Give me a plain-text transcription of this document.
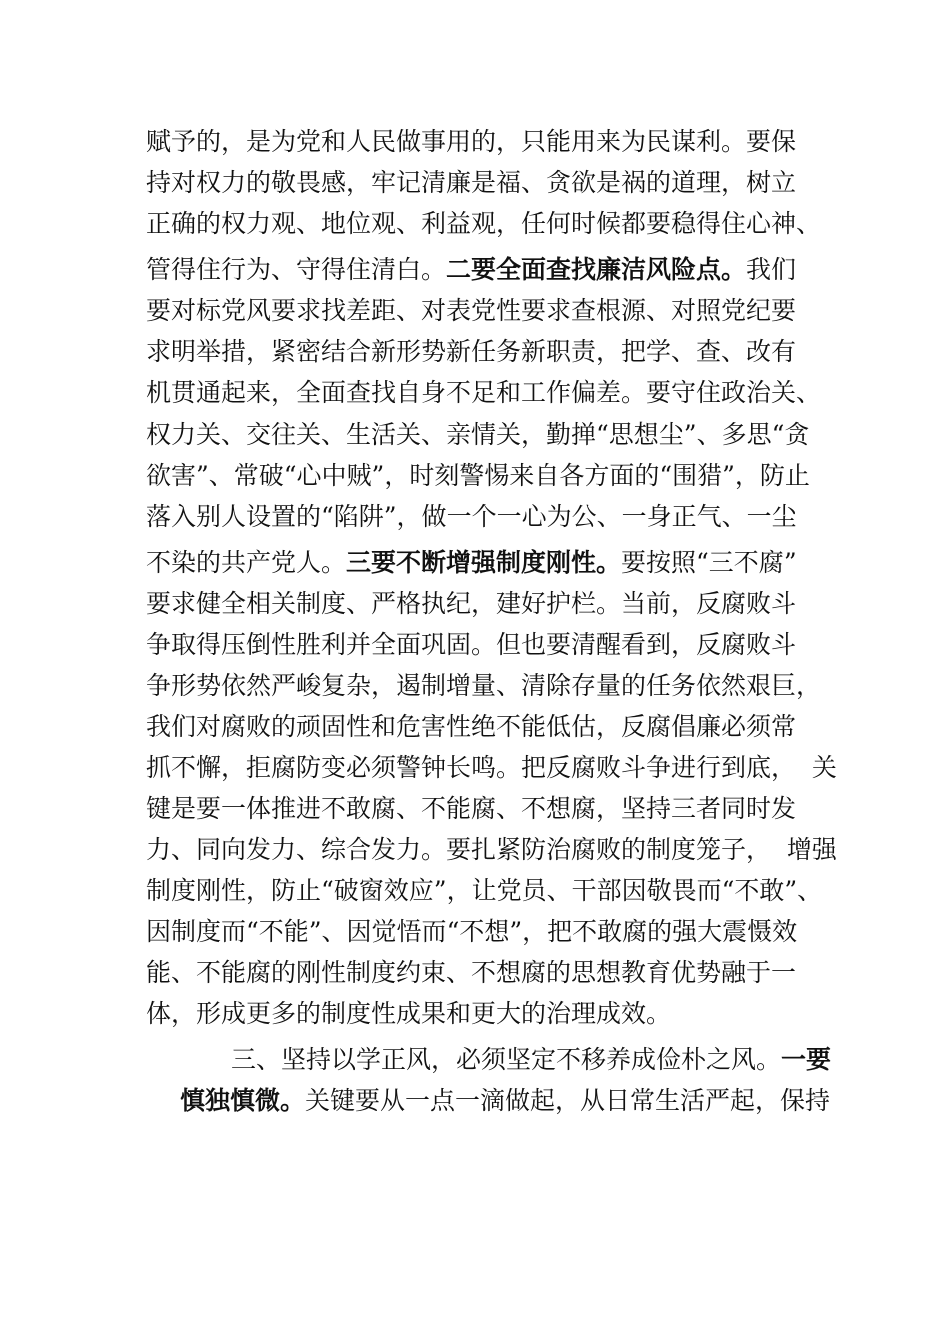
赋予的，是为党和人民做事用的，只能用来为民谋利。要保
持对权力的敬畏感，牢记清廉是福、贪欲是祸的道理，树立
正确的权力观、地位观、利益观，任何时候都要稳得住心神、
管得住行为、守得住清白。二要全面查找廉洁风险点。我们
要对标党风要求找差距、对表党性要求查根源、对照党纪要
求明举措，紧密结合新形势新任务新职责，把学、查、改有
机贯通起来，全面查找自身不足和工作偏差。要守住政治关、
权力关、交往关、生活关、亲情关，勤掸“思想尘”、多思“贪
欲害”、常破“心中贼”，时刻警惕来自各方面的“围猎”，防止
落入别人设置的“陷阱”，做一个一心为公、一身正气、一尘
不染的共产党人。三要不断增强制度刚性。要按照“三不腐”
要求健全相关制度、严格执纪，建好护栏。当前，反腐败斗
争取得压倒性胜利并全面巩固。但也要清醒看到，反腐败斗
争形势依然严峻复杂，遏制增量、清除存量的任务依然艰巨，
我们对腐败的顽固性和危害性绝不能低估，反腐倡廉必须常
抓不懈，拒腐防变必须警钟长鸣。把反腐败斗争进行到底，  关
键是要一体推进不敢腐、不能腐、不想腐，坚持三者同时发
力、同向发力、综合发力。要扎紧防治腐败的制度笼子，  增强
制度刚性，防止“破窗效应”，让党员、干部因敬畏而“不敢”、
因制度而“不能”、因觉悟而“不想”，把不敢腐的强大震慑效
能、不能腐的刚性制度约束、不想腐的思想教育优势融于一
体，形成更多的制度性成果和更大的治理成效。
三、坚持以学正风，必须坚定不移养成俭朴之风。一要
慎独慎微。关键要从一点一滴做起，从日常生活严起，保持
